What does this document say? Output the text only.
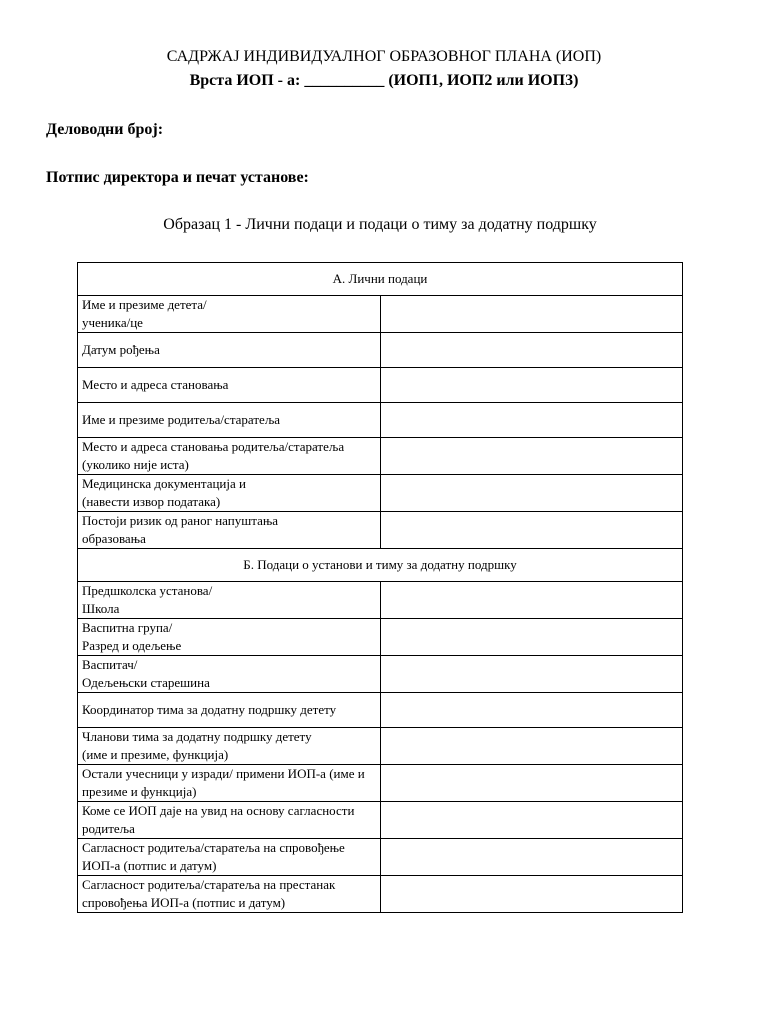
САДРЖАЈ ИНДИВИДУАЛНОГ ОБРАЗОВНОГ ПЛАНА (ИОП)
Врста ИОП - а: __________ (ИОП1, ИОП2 или ИОП3)
Деловодни број:
Потпис директора и печат установе:
Образац 1 - Лични подаци и подаци о тиму за додатну подршку
А. Лични подаци	

Име и презиме детета/
ученика/це	

Датум рођења	

Место и адреса становања	

Име и презиме родитеља/старатеља	

Место и адреса становања родитеља/старатеља
(уколико није иста)	

Медицинска документација и
(навести извор података)	

Постоји ризик од раног напуштања
образовања	

Б. Подаци о установи и тиму за додатну подршку	

Предшколска установа/
Школа	

Васпитна група/
Разред и одељење	

Васпитач/
Одељењски старешина	

Координатор тима за додатну подршку детету	

Чланови тима за додатну подршку детету
(име и презиме, функција)	

Остали учесници у изради/ примени ИОП-а (име и
презиме и функција)	

Коме се ИОП даје на увид на основу сагласности
родитеља	

Сагласност родитеља/старатеља на спровођење
ИОП-а (потпис и датум)	

Сагласност родитеља/старатеља на престанак
спровођења ИОП-а (потпис и датум)	
